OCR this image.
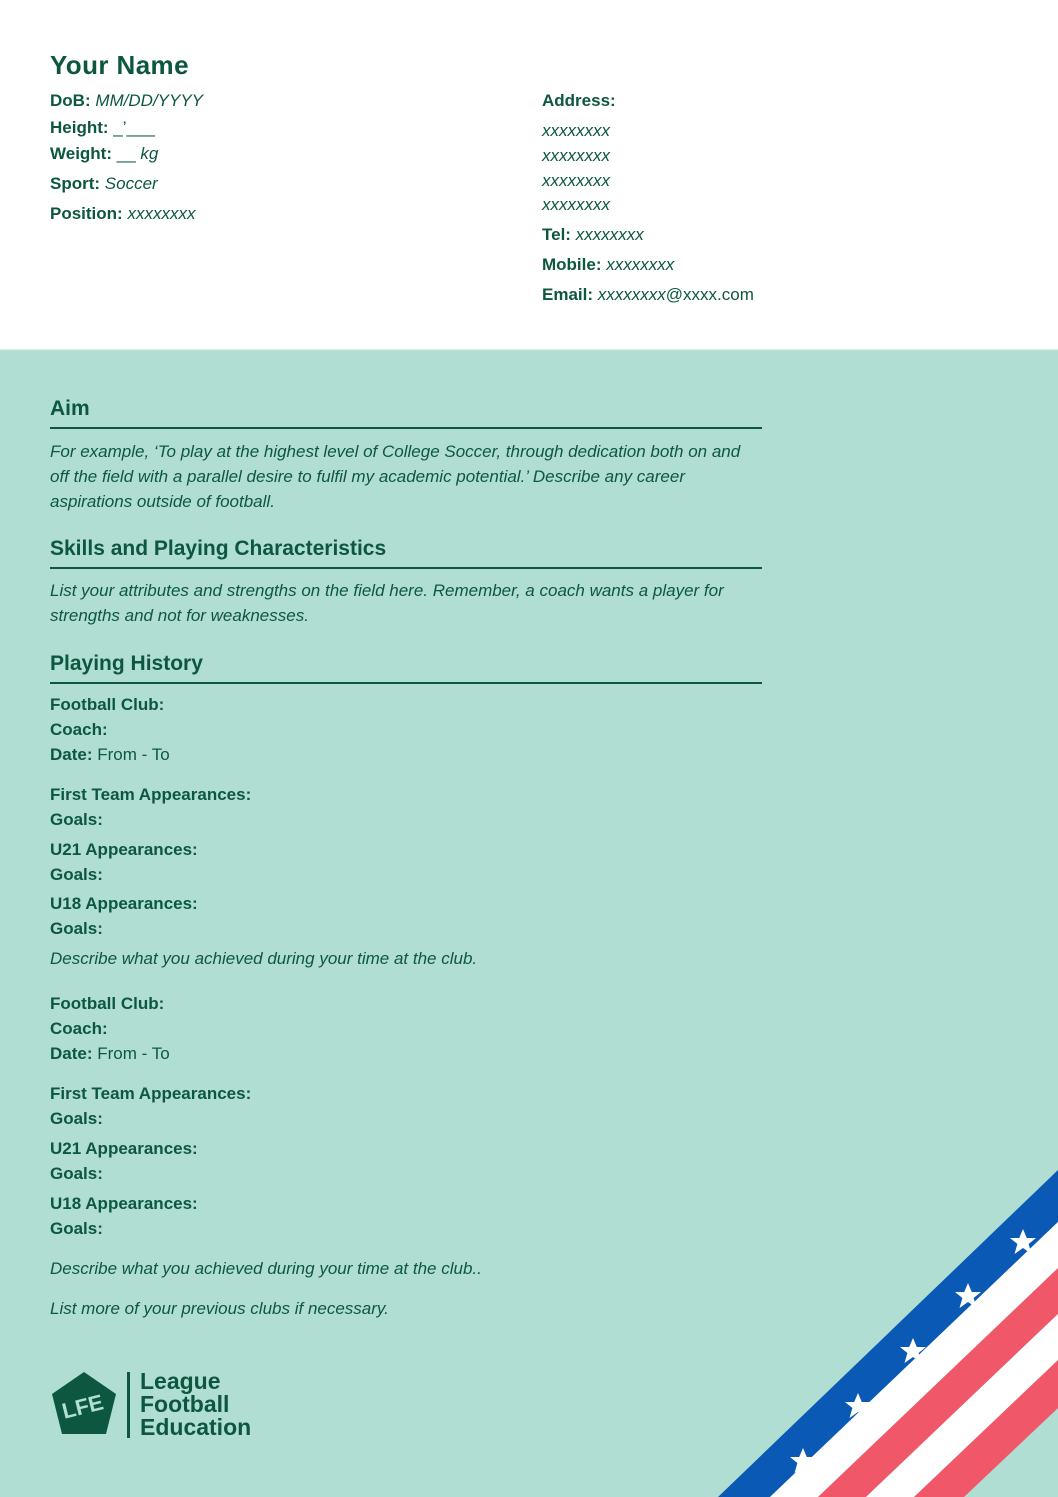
Your Name
DoB: MM/DD/YYYY
Height: _’___
Weight: __ kg
Sport: Soccer
Position: xxxxxxxx
Address:
xxxxxxxx
xxxxxxxx
xxxxxxxx
xxxxxxxx
Tel: xxxxxxxx
Mobile: xxxxxxxx
Email: xxxxxxxx@xxxx.com
Aim
For example, ‘To play at the highest level of College Soccer, through dedication both on and off the field with a parallel desire to fulfil my academic potential.’ Describe any career aspirations outside of football.
Skills and Playing Characteristics
List your attributes and strengths on the field here. Remember, a coach wants a player for strengths and not for weaknesses.
Playing History
Football Club:
Coach:
Date: From - To
First Team Appearances:
Goals:
U21 Appearances:
Goals:
U18 Appearances:
Goals:
Describe what you achieved during your time at the club.
Football Club:
Coach:
Date: From - To
First Team Appearances:
Goals:
U21 Appearances:
Goals:
U18 Appearances:
Goals:
Describe what you achieved during your time at the club..
List more of your previous clubs if necessary.
LFE
League
Football
Education
